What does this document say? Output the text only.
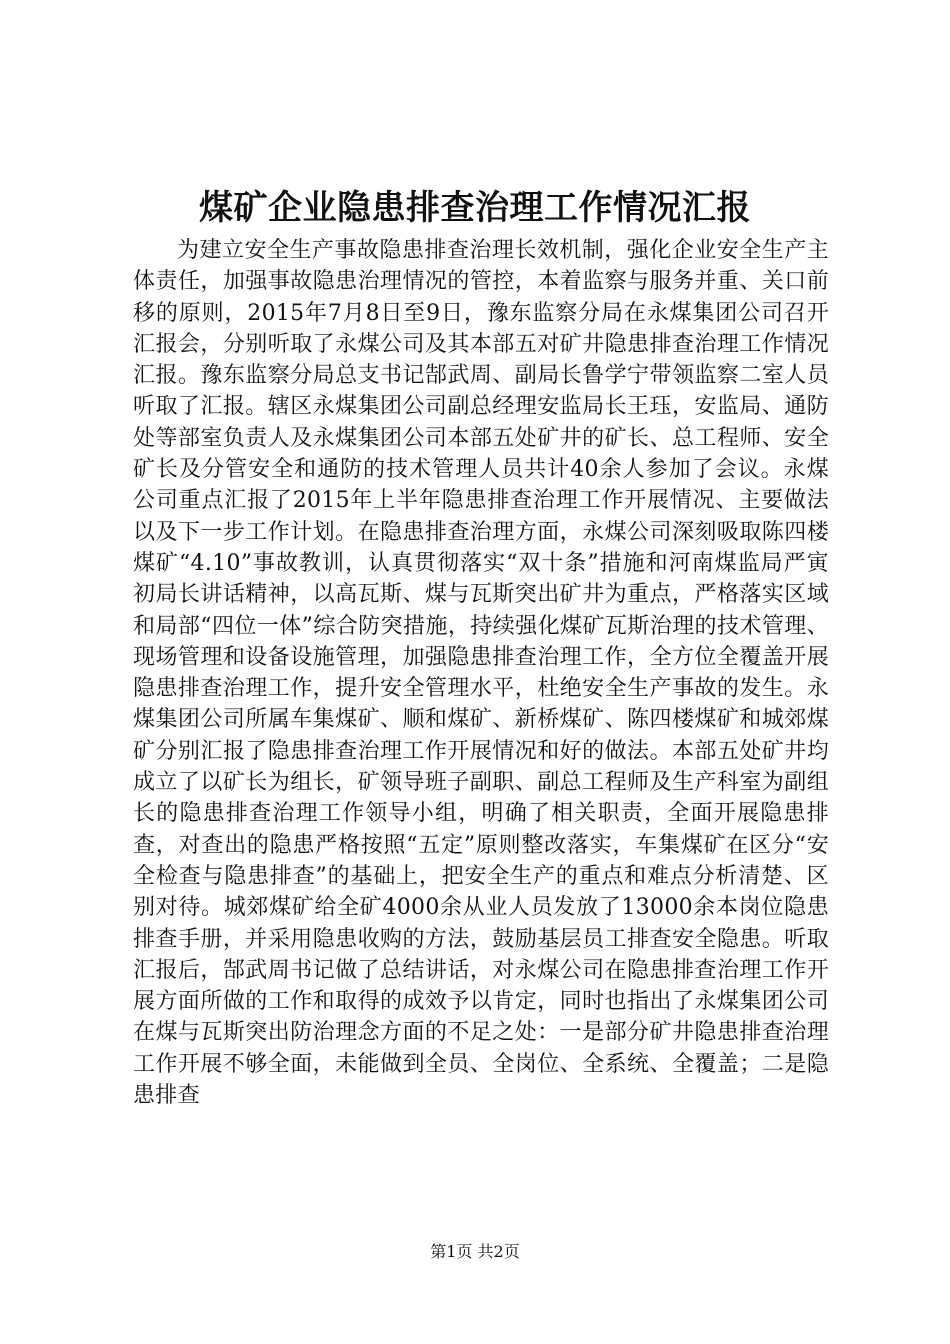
煤矿企业隐患排查治理工作情况汇报

为建立安全生产事故隐患排查治理长效机制，强化企业安全生产主体责任，加强事故隐患治理情况的管控，本着监察与服务并重、关口前移的原则，2015年7月8日至9日，豫东监察分局在永煤集团公司召开汇报会，分别听取了永煤公司及其本部五对矿井隐患排查治理工作情况汇报。豫东监察分局总支书记郜武周、副局长鲁学宁带领监察二室人员听取了汇报。辖区永煤集团公司副总经理安监局长王珏，安监局、通防处等部室负责人及永煤集团公司本部五处矿井的矿长、总工程师、安全矿长及分管安全和通防的技术管理人员共计40余人参加了会议。永煤公司重点汇报了2015年上半年隐患排查治理工作开展情况、主要做法以及下一步工作计划。在隐患排查治理方面，永煤公司深刻吸取陈四楼煤矿“4.10”事故教训，认真贯彻落实“双十条”措施和河南煤监局严寅初局长讲话精神，以高瓦斯、煤与瓦斯突出矿井为重点，严格落实区域和局部“四位一体”综合防突措施，持续强化煤矿瓦斯治理的技术管理、现场管理和设备设施管理，加强隐患排查治理工作，全方位全覆盖开展隐患排查治理工作，提升安全管理水平，杜绝安全生产事故的发生。永煤集团公司所属车集煤矿、顺和煤矿、新桥煤矿、陈四楼煤矿和城郊煤矿分别汇报了隐患排查治理工作开展情况和好的做法。本部五处矿井均成立了以矿长为组长，矿领导班子副职、副总工程师及生产科室为副组长的隐患排查治理工作领导小组，明确了相关职责，全面开展隐患排查，对查出的隐患严格按照“五定”原则整改落实，车集煤矿在区分“安全检查与隐患排查”的基础上，把安全生产的重点和难点分析清楚、区别对待。城郊煤矿给全矿4000余从业人员发放了13000余本岗位隐患排查手册，并采用隐患收购的方法，鼓励基层员工排查安全隐患。听取汇报后，郜武周书记做了总结讲话，对永煤公司在隐患排查治理工作开展方面所做的工作和取得的成效予以肯定，同时也指出了永煤集团公司在煤与瓦斯突出防治理念方面的不足之处：一是部分矿井隐患排查治理工作开展不够全面，未能做到全员、全岗位、全系统、全覆盖；二是隐患排查

第1页 共2页
